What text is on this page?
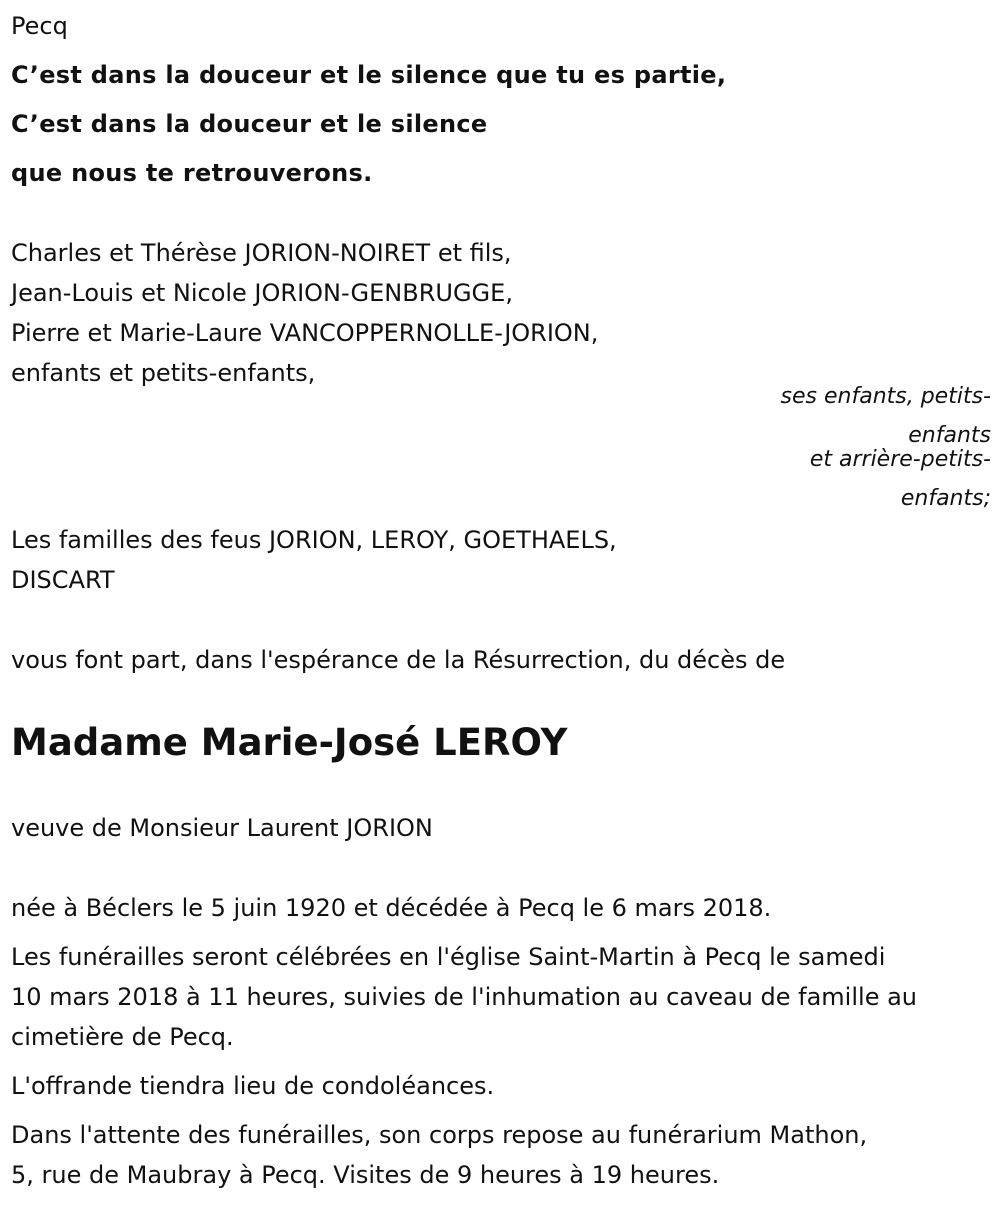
Pecq
C’est dans la douceur et le silence que tu es partie,
C’est dans la douceur et le silence
que nous te retrouverons.
Charles et Thérèse JORION-NOIRET et fils,
Jean-Louis et Nicole JORION-GENBRUGGE,
Pierre et Marie-Laure VANCOPPERNOLLE-JORION,
enfants et petits-enfants,
ses enfants, petits-
enfants
et arrière-petits-
enfants;
Les familles des feus JORION, LEROY, GOETHAELS,
DISCART
vous font part, dans l'espérance de la Résurrection, du décès de
Madame Marie-José LEROY
veuve de Monsieur Laurent JORION
née à Béclers le 5 juin 1920 et décédée à Pecq le 6 mars 2018.
Les funérailles seront célébrées en l'église Saint-Martin à Pecq le samedi
10 mars 2018 à 11 heures, suivies de l'inhumation au caveau de famille au
cimetière de Pecq.
L'offrande tiendra lieu de condoléances.
Dans l'attente des funérailles, son corps repose au funérarium Mathon,
5, rue de Maubray à Pecq. Visites de 9 heures à 19 heures.
